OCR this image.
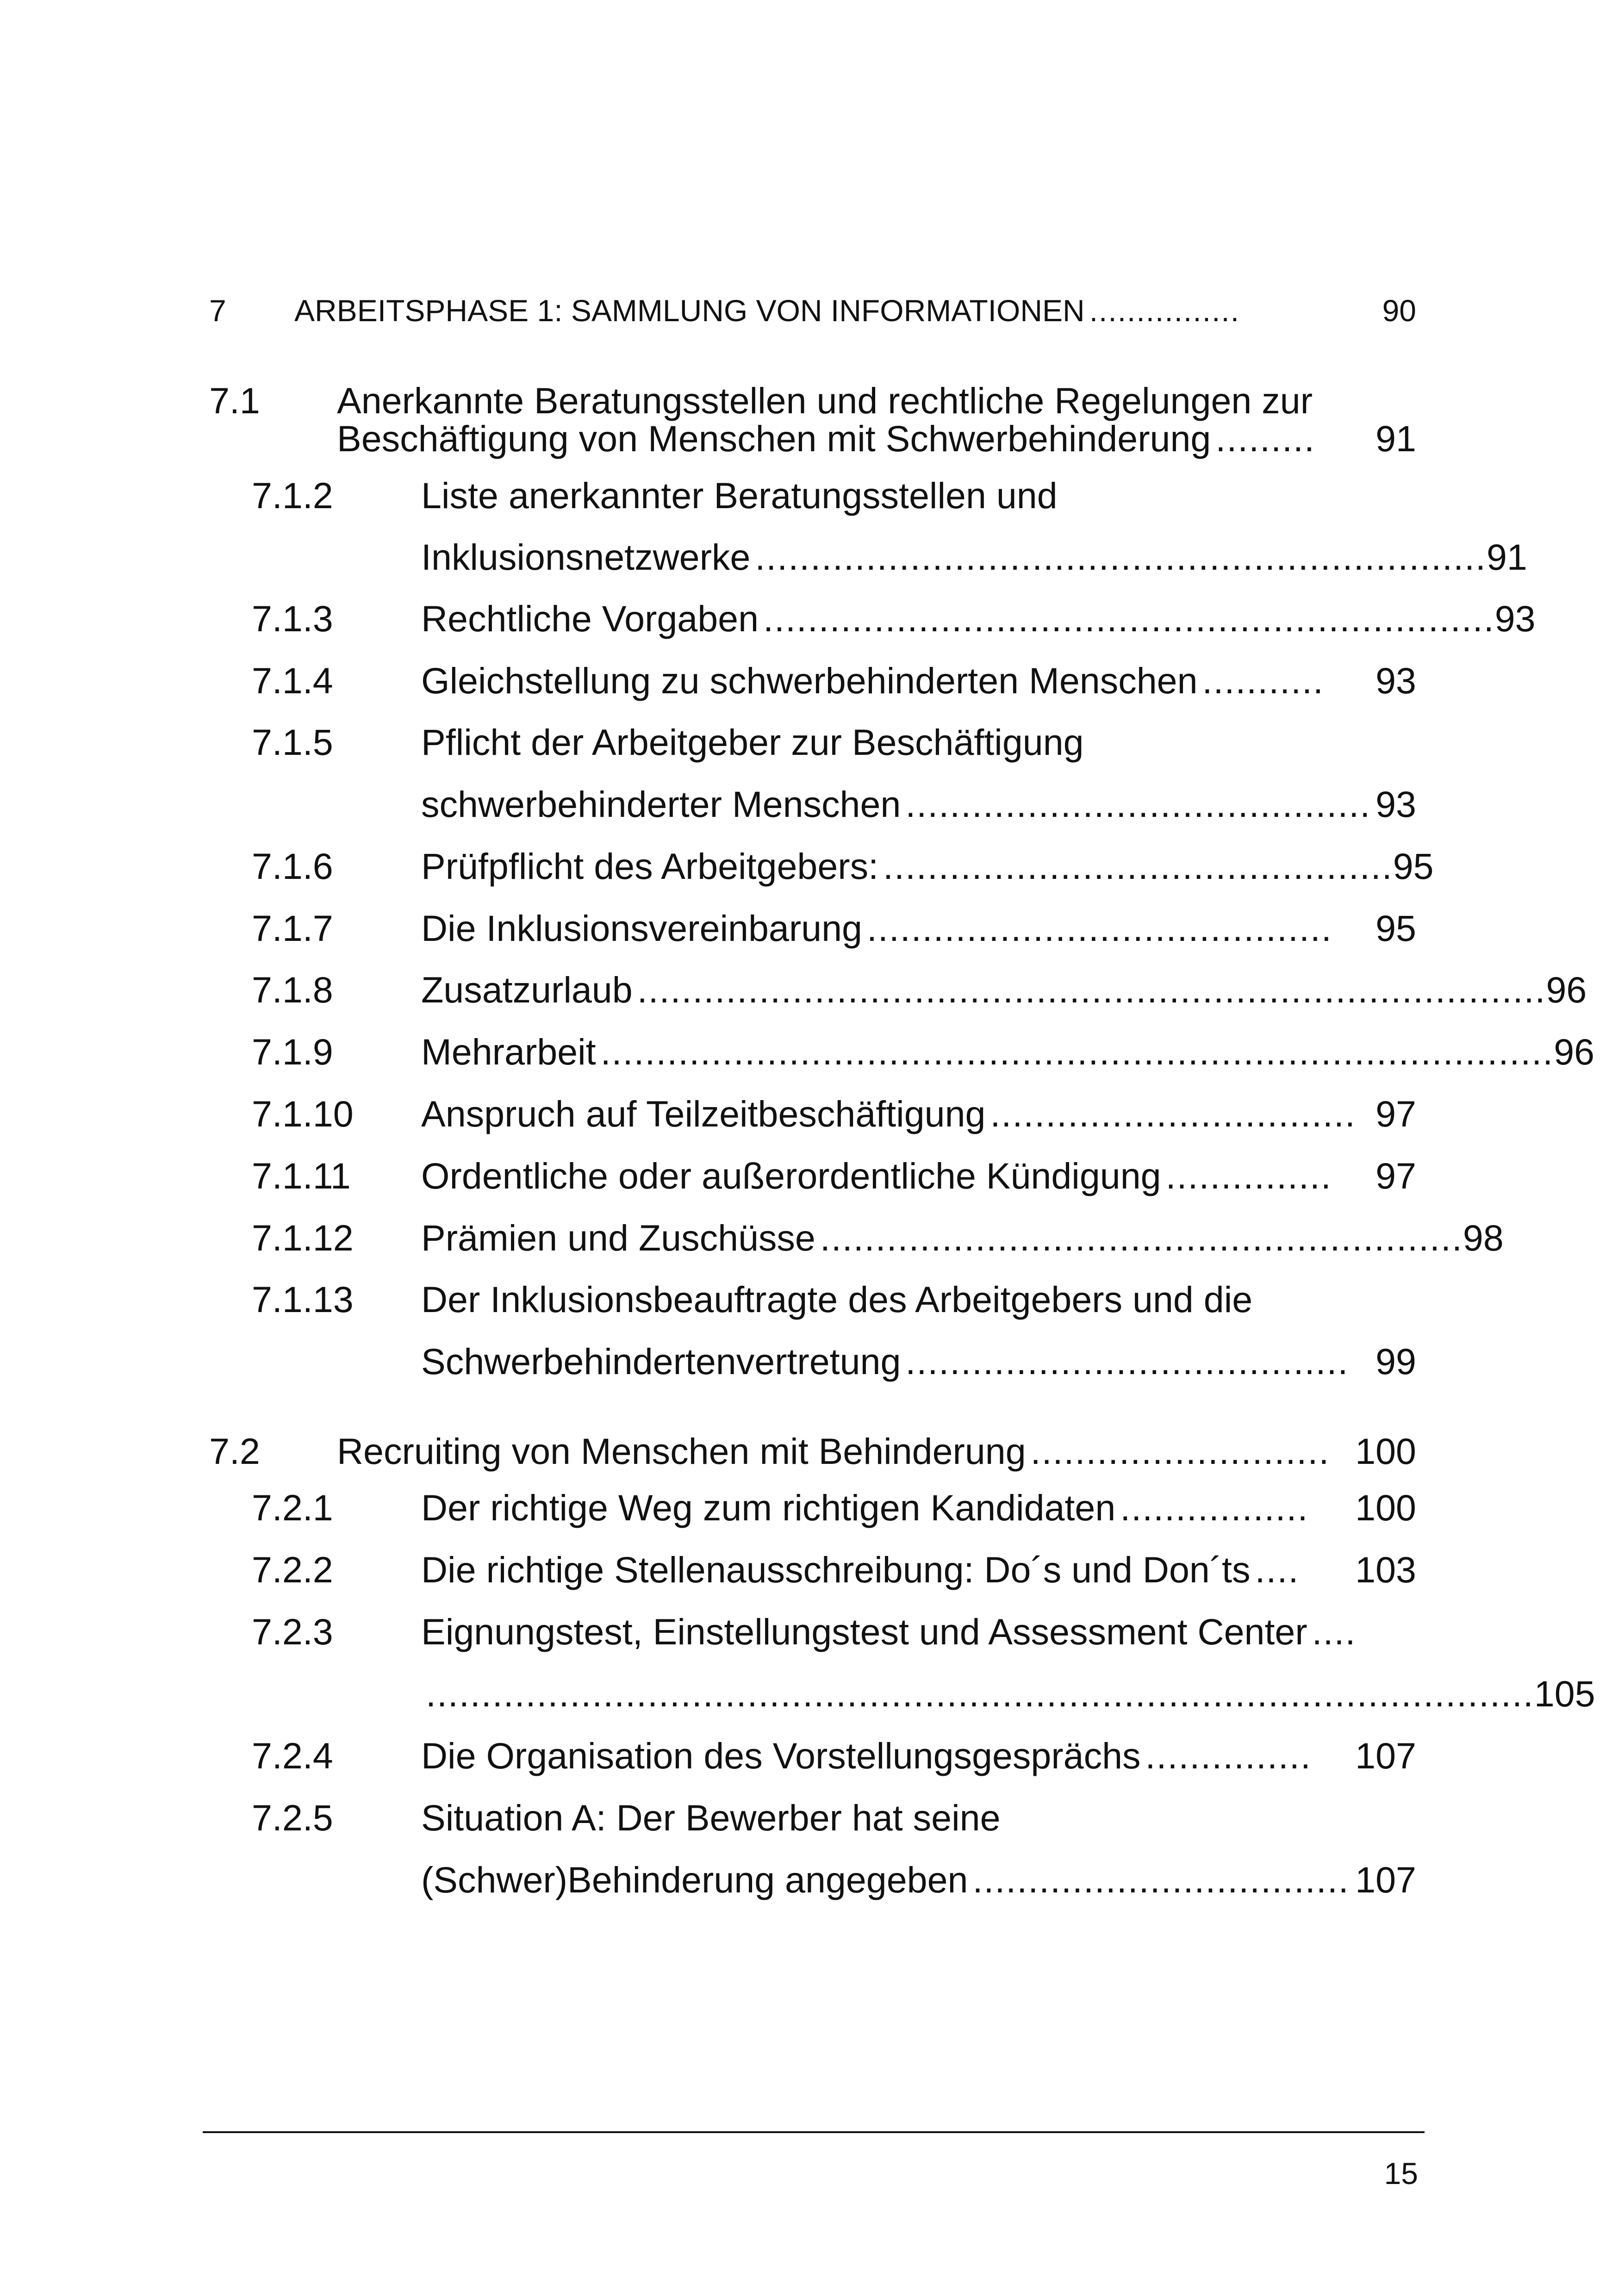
7 ARBEITSPHASE 1: SAMMLUNG VON INFORMATIONEN ................	90
7.1 Anerkannte Beratungsstellen und rechtliche Regelungen zur
Beschäftigung von Menschen mit Schwerbehinderung .........	91
7.1.2 Liste anerkannter Beratungsstellen und
Inklusionsnetzwerke .................................................................. 91
7.1.3 Rechtliche Vorgaben .................................................................. 93
7.1.4 Gleichstellung zu schwerbehinderten Menschen ...........	93
7.1.5 Pflicht der Arbeitgeber zur Beschäftigung
schwerbehinderter Menschen .......................................... 93
7.1.6 Prüfpflicht des Arbeitgebers: .............................................. 95
7.1.7 Die Inklusionsvereinbarung ..........................................	95
7.1.8 Zusatzurlaub .................................................................................. 96
7.1.9 Mehrarbeit ...................................................................................... 96
7.1.10 Anspruch auf Teilzeitbeschäftigung ................................. 97
7.1.11 Ordentliche oder außerordentliche Kündigung ...............	97
7.1.12 Prämien und Zuschüsse .......................................................... 98
7.1.13 Der Inklusionsbeauftragte des Arbeitgebers und die
Schwerbehindertenvertretung ........................................ 99
7.2 Recruiting von Menschen mit Behinderung ........................... 100
7.2.1 Der richtige Weg zum richtigen Kandidaten .................	100
7.2.2 Die richtige Stellenausschreibung: Do´s und Don´ts ....	103
7.2.3 Eignungstest, Einstellungstest und Assessment Center ....
.................................................................................................... 105
7.2.4 Die Organisation des Vorstellungsgesprächs ...............	107
7.2.5 Situation A: Der Bewerber hat seine
(Schwer)Behinderung angegeben .................................. 107
15
